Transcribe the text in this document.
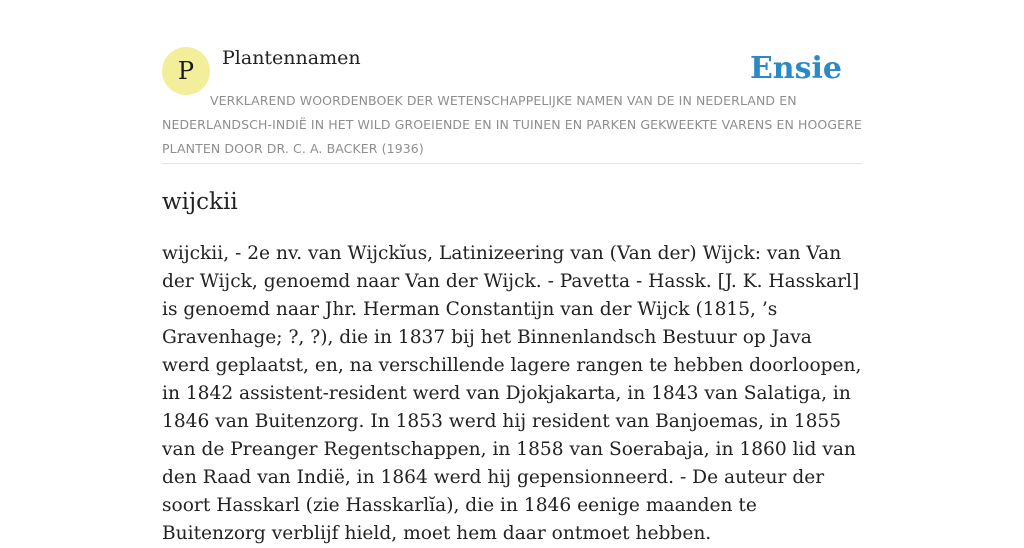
P Plantennamen	Ensie
VERKLAREND WOORDENBOEK DER WETENSCHAPPELIJKE NAMEN VAN DE IN NEDERLAND EN NEDERLANDSCH-INDIË IN HET WILD GROEIENDE EN IN TUINEN EN PARKEN GEKWEEKTE VARENS EN HOOGERE PLANTEN DOOR DR. C. A. BACKER (1936)
wijckii

wijckii, - 2e nv. van Wijckĭus, Latinizeering van (Van der) Wijck: van Van der Wijck, genoemd naar Van der Wijck. - Pavetta - Hassk. [J. K. Hasskarl] is genoemd naar Jhr. Herman Constantijn van der Wijck (1815, ’s Gravenhage; ?, ?), die in 1837 bij het Binnenlandsch Bestuur op Java werd geplaatst, en, na verschillende lagere rangen te hebben doorloopen, in 1842 assistent-resident werd van Djokjakarta, in 1843 van Salatiga, in 1846 van Buitenzorg. In 1853 werd hij resident van Banjoemas, in 1855 van de Preanger Regentschappen, in 1858 van Soerabaja, in 1860 lid van den Raad van Indië, in 1864 werd hij gepensionneerd. - De auteur der soort Hasskarl (zie Hasskarlĭa), die in 1846 eenige maanden te Buitenzorg verblijf hield, moet hem daar ontmoet hebben.
